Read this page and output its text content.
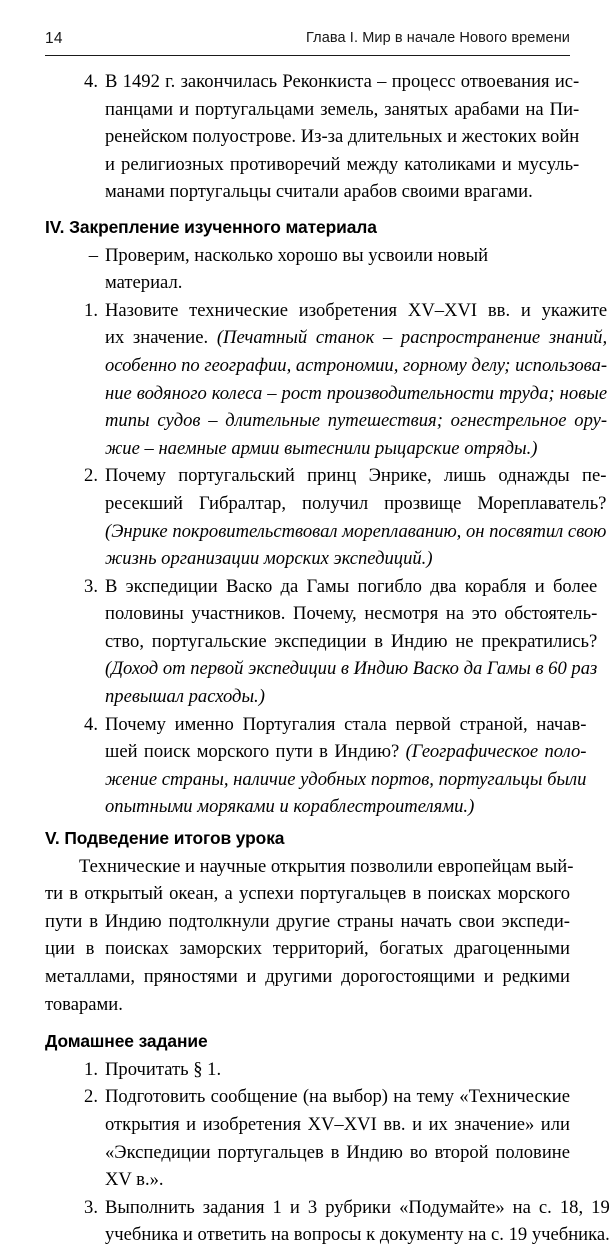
14	Глава I. Мир в начале Нового времени
4. В 1492 г. закончилась Реконкиста – процесс отвоевания ис-
панцами и португальцами земель, занятых арабами на Пи-
ренейском полуострове. Из-за длительных и жестоких войн
и религиозных противоречий между католиками и мусуль-
манами португальцы считали арабов своими врагами.
IV. Закрепление изученного материала
– Проверим, насколько хорошо вы усвоили новый материал.
1. Назовите технические изобретения XV–XVI вв. и укажите
их значение. (Печатный станок – распространение знаний,
особенно по географии, астрономии, горному делу; использова-
ние водяного колеса – рост производительности труда; новые
типы судов – длительные путешествия; огнестрельное ору-
жие – наемные армии вытеснили рыцарские отряды.)
2. Почему португальский принц Энрике, лишь однажды пе-
ресекший Гибралтар, получил прозвище Мореплаватель?
(Энрике покровительствовал мореплаванию, он посвятил свою
жизнь организации морских экспедиций.)
3. В экспедиции Васко да Гамы погибло два корабля и более
половины участников. Почему, несмотря на это обстоятель-
ство, португальские экспедиции в Индию не прекратились?
(Доход от первой экспедиции в Индию Васко да Гамы в 60 раз
превышал расходы.)
4. Почему именно Португалия стала первой страной, начав-
шей поиск морского пути в Индию? (Географическое поло-
жение страны, наличие удобных портов, португальцы были
опытными моряками и кораблестроителями.)
V. Подведение итогов урока
Технические и научные открытия позволили европейцам вый-
ти в открытый океан, а успехи португальцев в поисках морского
пути в Индию подтолкнули другие страны начать свои экспеди-
ции в поисках заморских территорий, богатых драгоценными
металлами, пряностями и другими дорогостоящими и редкими
товарами.
Домашнее задание
1. Прочитать § 1.
2. Подготовить сообщение (на выбор) на тему «Технические
открытия и изобретения XV–XVI вв. и их значение» или
«Экспедиции португальцев в Индию во второй половине
XV в.».
3. Выполнить задания 1 и 3 рубрики «Подумайте» на с. 18, 19
учебника и ответить на вопросы к документу на с. 19 учебника.
